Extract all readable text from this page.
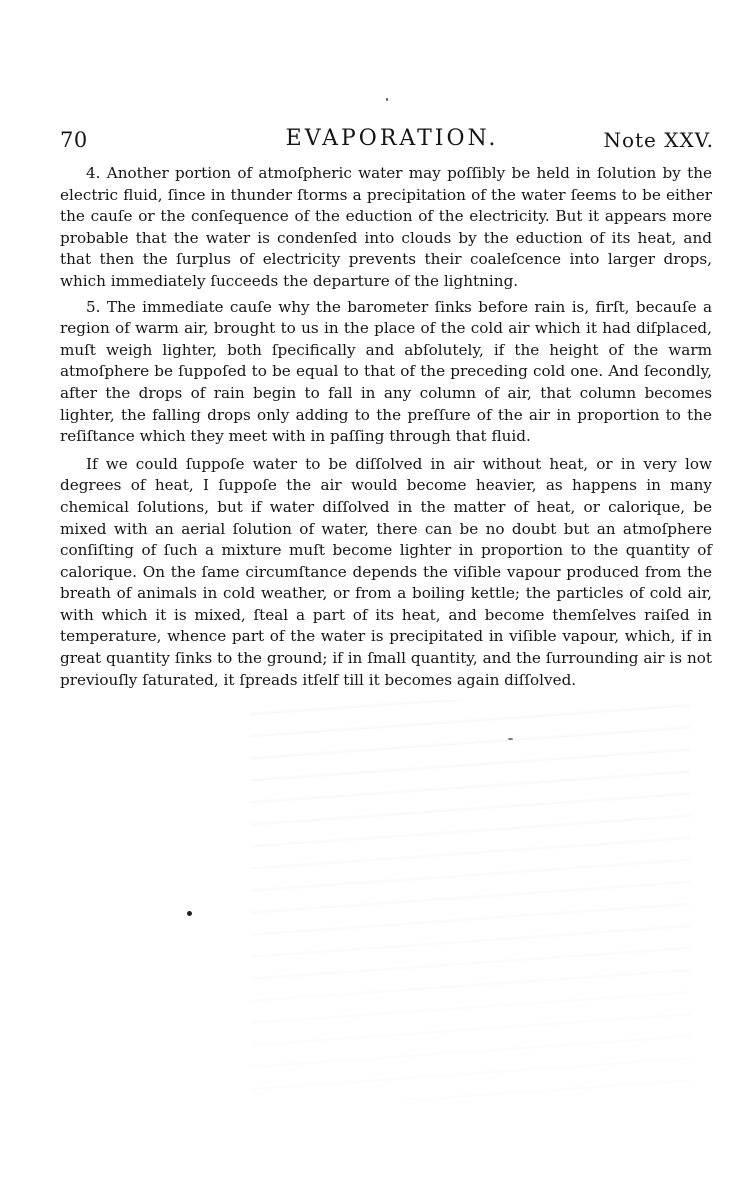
70	EVAPORATION.	Note XXV.

4. Another portion of atmoſpheric water may poſſibly be held in ſolution by the electric fluid, ſince in thunder ſtorms a precipitation of the water ſeems to be either the cauſe or the conſequence of the eduction of the electricity. But it appears more probable that the water is condenſed into clouds by the eduction of its heat, and that then the ſurplus of electricity prevents their coaleſcence into larger drops, which immediately ſucceeds the departure of the lightning.

5. The immediate cauſe why the barometer ſinks before rain is, firſt, becauſe a region of warm air, brought to us in the place of the cold air which it had diſplaced, muſt weigh lighter, both ſpecifically and abſolutely, if the height of the warm atmoſphere be ſuppoſed to be equal to that of the preceding cold one. And ſecondly, after the drops of rain begin to fall in any column of air, that column becomes lighter, the falling drops only adding to the preſſure of the air in proportion to the reſiſtance which they meet with in paſſing through that fluid.

If we could ſuppoſe water to be diſſolved in air without heat, or in very low degrees of heat, I ſuppoſe the air would become heavier, as happens in many chemical ſolutions, but if water diſſolved in the matter of heat, or calorique, be mixed with an aerial ſolution of water, there can be no doubt but an atmoſphere conſiſting of ſuch a mixture muſt become lighter in proportion to the quantity of calorique. On the ſame circumſtance depends the viſible vapour produced from the breath of animals in cold weather, or from a boiling kettle; the particles of cold air, with which it is mixed, ſteal a part of its heat, and become themſelves raiſed in temperature, whence part of the water is precipitated in viſible vapour, which, if in great quantity ſinks to the ground; if in ſmall quantity, and the ſurrounding air is not previouſly ſaturated, it ſpreads itſelf till it becomes again diſſolved.
